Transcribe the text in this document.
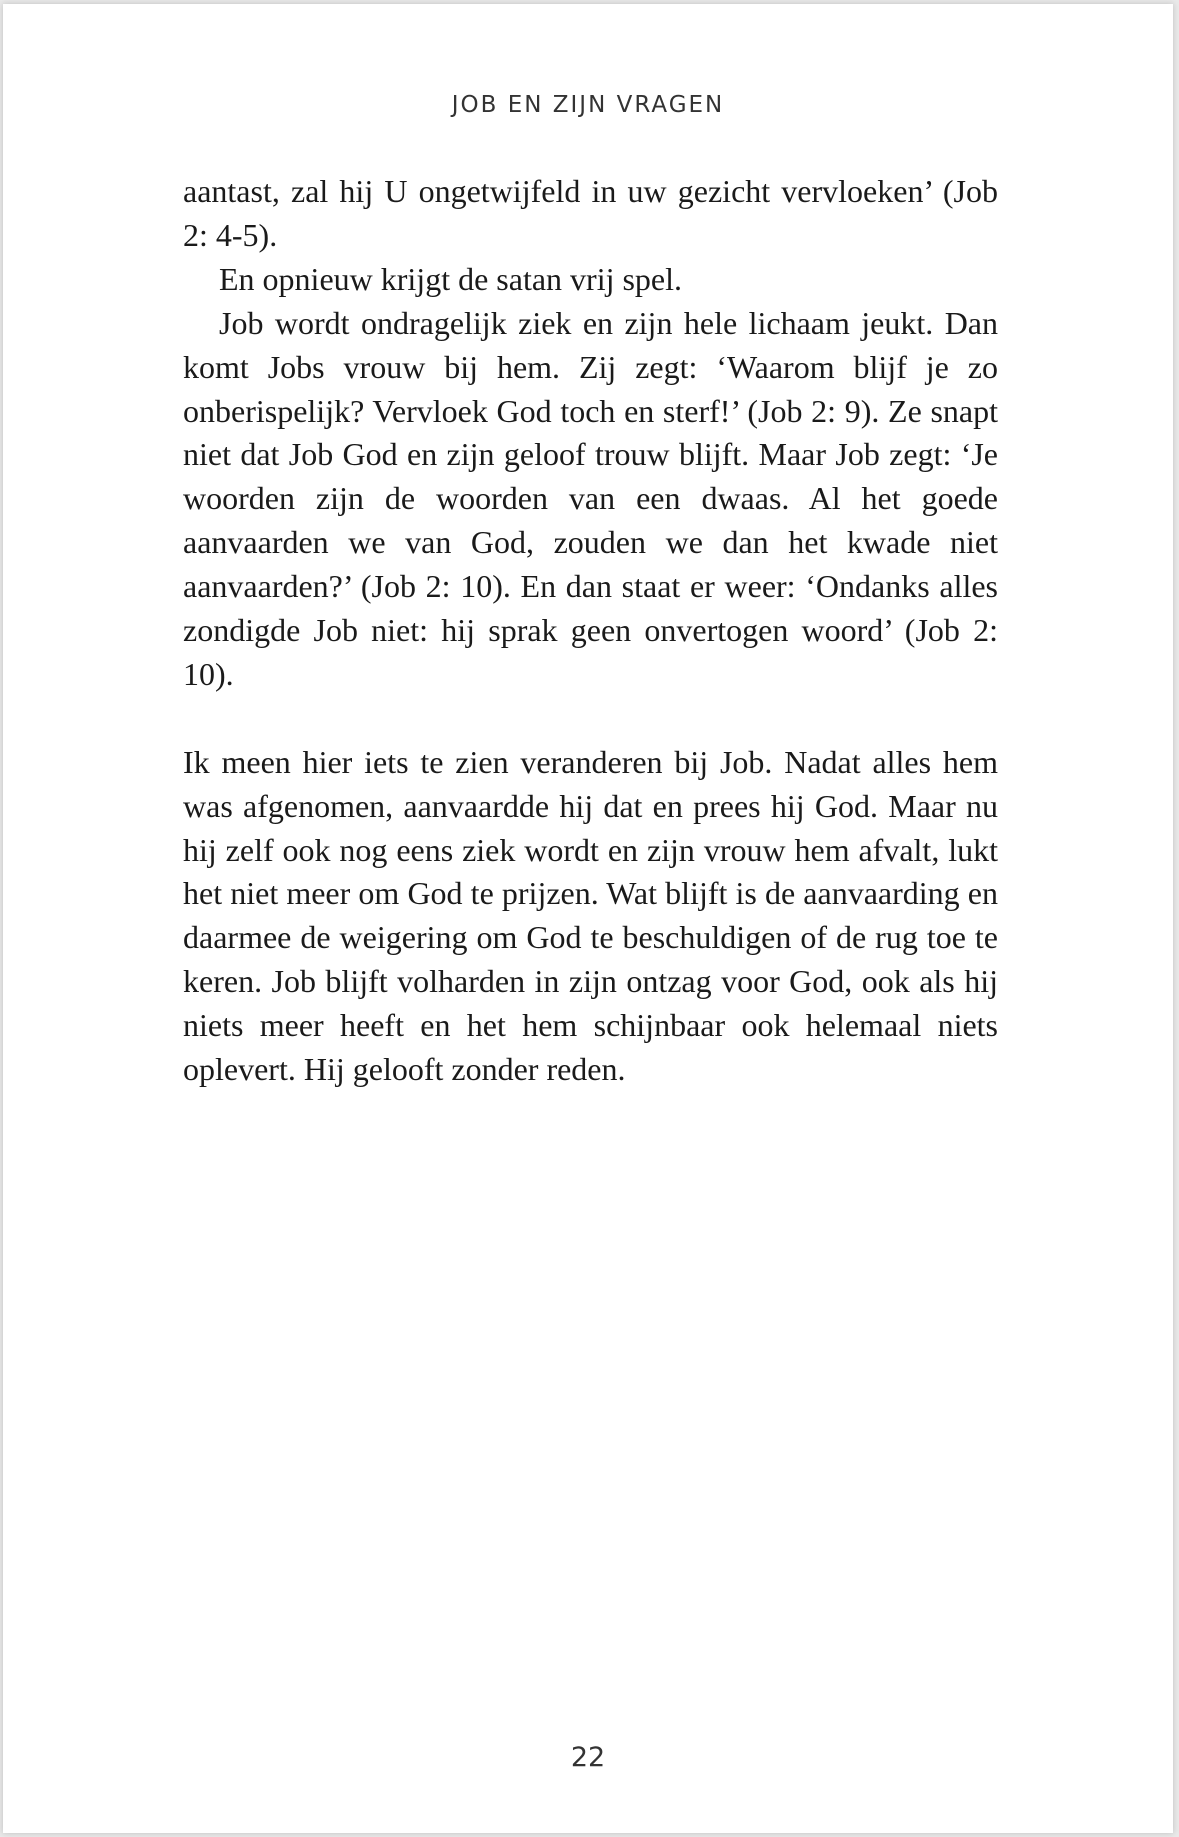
JOB EN ZIJN VRAGEN

aantast, zal hij U ongetwijfeld in uw gezicht vervloeken’ (Job 2: 4-5).

En opnieuw krijgt de satan vrij spel.

Job wordt ondragelijk ziek en zijn hele lichaam jeukt. Dan komt Jobs vrouw bij hem. Zij zegt: ‘Waarom blijf je zo onberispelijk? Vervloek God toch en sterf!’ (Job 2: 9). Ze snapt niet dat Job God en zijn geloof trouw blijft. Maar Job zegt: ‘Je woorden zijn de woorden van een dwaas. Al het goede aanvaarden we van God, zouden we dan het kwade niet aanvaarden?’ (Job 2: 10). En dan staat er weer: ‘Ondanks alles zondigde Job niet: hij sprak geen onvertogen woord’ (Job 2: 10).

Ik meen hier iets te zien veranderen bij Job. Nadat alles hem was afgenomen, aanvaardde hij dat en prees hij God. Maar nu hij zelf ook nog eens ziek wordt en zijn vrouw hem afvalt, lukt het niet meer om God te prijzen. Wat blijft is de aanvaarding en daarmee de weigering om God te beschuldigen of de rug toe te keren. Job blijft volharden in zijn ontzag voor God, ook als hij niets meer heeft en het hem schijnbaar ook helemaal niets oplevert. Hij gelooft zonder reden.

22
